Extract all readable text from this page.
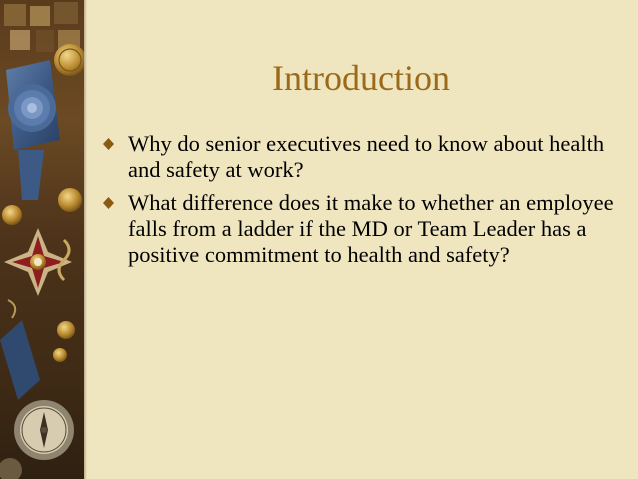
Introduction
Why do senior executives need to know about health and safety at work?
What difference does it make to whether an employee falls from a ladder if the MD or Team Leader has a positive commitment to health and safety?
